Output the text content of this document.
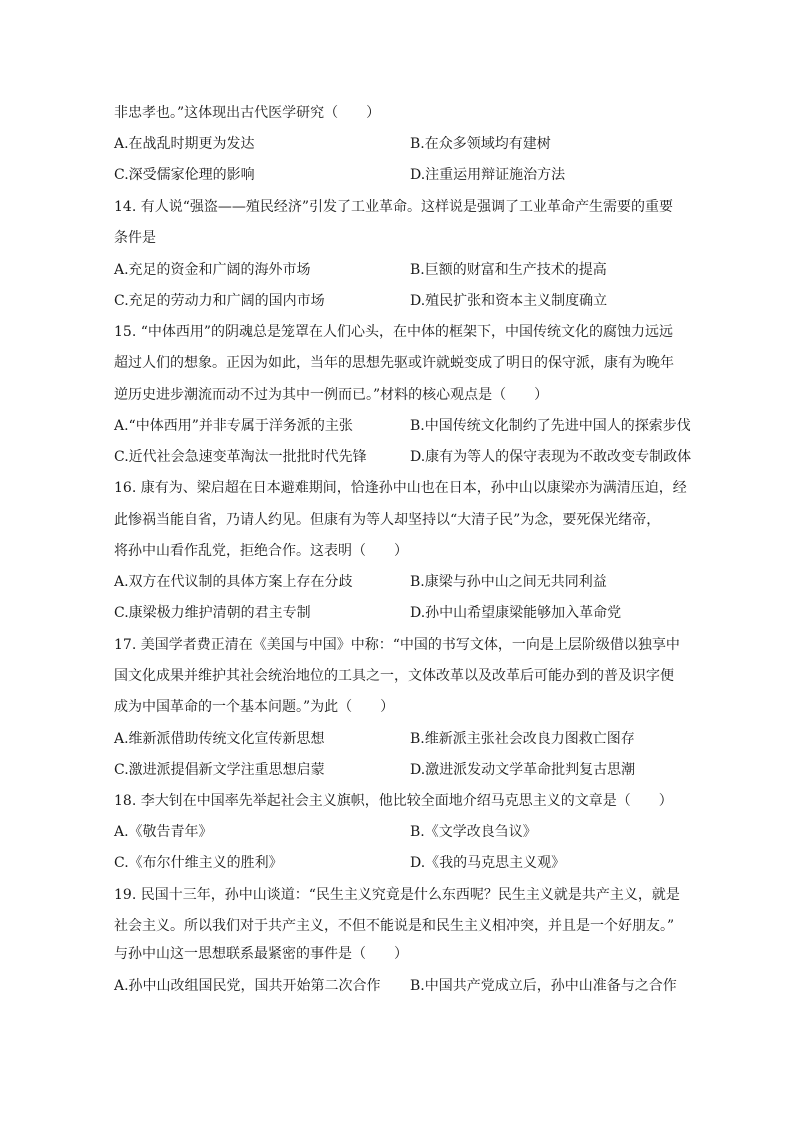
非忠孝也。”这体现出古代医学研究（　　）
A.在战乱时期更为发达	B.在众多领域均有建树
C.深受儒家伦理的影响	D.注重运用辩证施治方法
14. 有人说“强盗——殖民经济”引发了工业革命。这样说是强调了工业革命产生需要的重要
条件是
A.充足的资金和广阔的海外市场	B.巨额的财富和生产技术的提高
C.充足的劳动力和广阔的国内市场	D.殖民扩张和资本主义制度确立
15. “中体西用”的阴魂总是笼罩在人们心头，在中体的框架下，中国传统文化的腐蚀力远远
超过人们的想象。正因为如此，当年的思想先驱或许就蜕变成了明日的保守派，康有为晚年
逆历史进步潮流而动不过为其中一例而已。”材料的核心观点是（　　）
A.“中体西用”并非专属于洋务派的主张	B.中国传统文化制约了先进中国人的探索步伐
C.近代社会急速变革淘汰一批批时代先锋	D.康有为等人的保守表现为不敢改变专制政体
16. 康有为、梁启超在日本避难期间，恰逢孙中山也在日本，孙中山以康梁亦为满清压迫，经
此惨祸当能自省，乃请人约见。但康有为等人却坚持以“大清子民”为念，要死保光绪帝，
将孙中山看作乱党，拒绝合作。这表明（　　）
A.双方在代议制的具体方案上存在分歧	B.康梁与孙中山之间无共同利益
C.康梁极力维护清朝的君主专制	D.孙中山希望康梁能够加入革命党
17. 美国学者费正清在《美国与中国》中称：“中国的书写文体，一向是上层阶级借以独享中
国文化成果并维护其社会统治地位的工具之一，文体改革以及改革后可能办到的普及识字便
成为中国革命的一个基本问题。”为此（　　）
A.维新派借助传统文化宣传新思想	B.维新派主张社会改良力图救亡图存
C.激进派提倡新文学注重思想启蒙	D.激进派发动文学革命批判复古思潮
18. 李大钊在中国率先举起社会主义旗帜，他比较全面地介绍马克思主义的文章是（　　）
A.《敬告青年》	B.《文学改良刍议》
C.《布尔什维主义的胜利》	D.《我的马克思主义观》
19. 民国十三年，孙中山谈道：“民生主义究竟是什么东西呢？民生主义就是共产主义，就是
社会主义。所以我们对于共产主义，不但不能说是和民生主义相冲突，并且是一个好朋友。”
与孙中山这一思想联系最紧密的事件是（　　）
A.孙中山改组国民党，国共开始第二次合作 B.中国共产党成立后，孙中山准备与之合作
